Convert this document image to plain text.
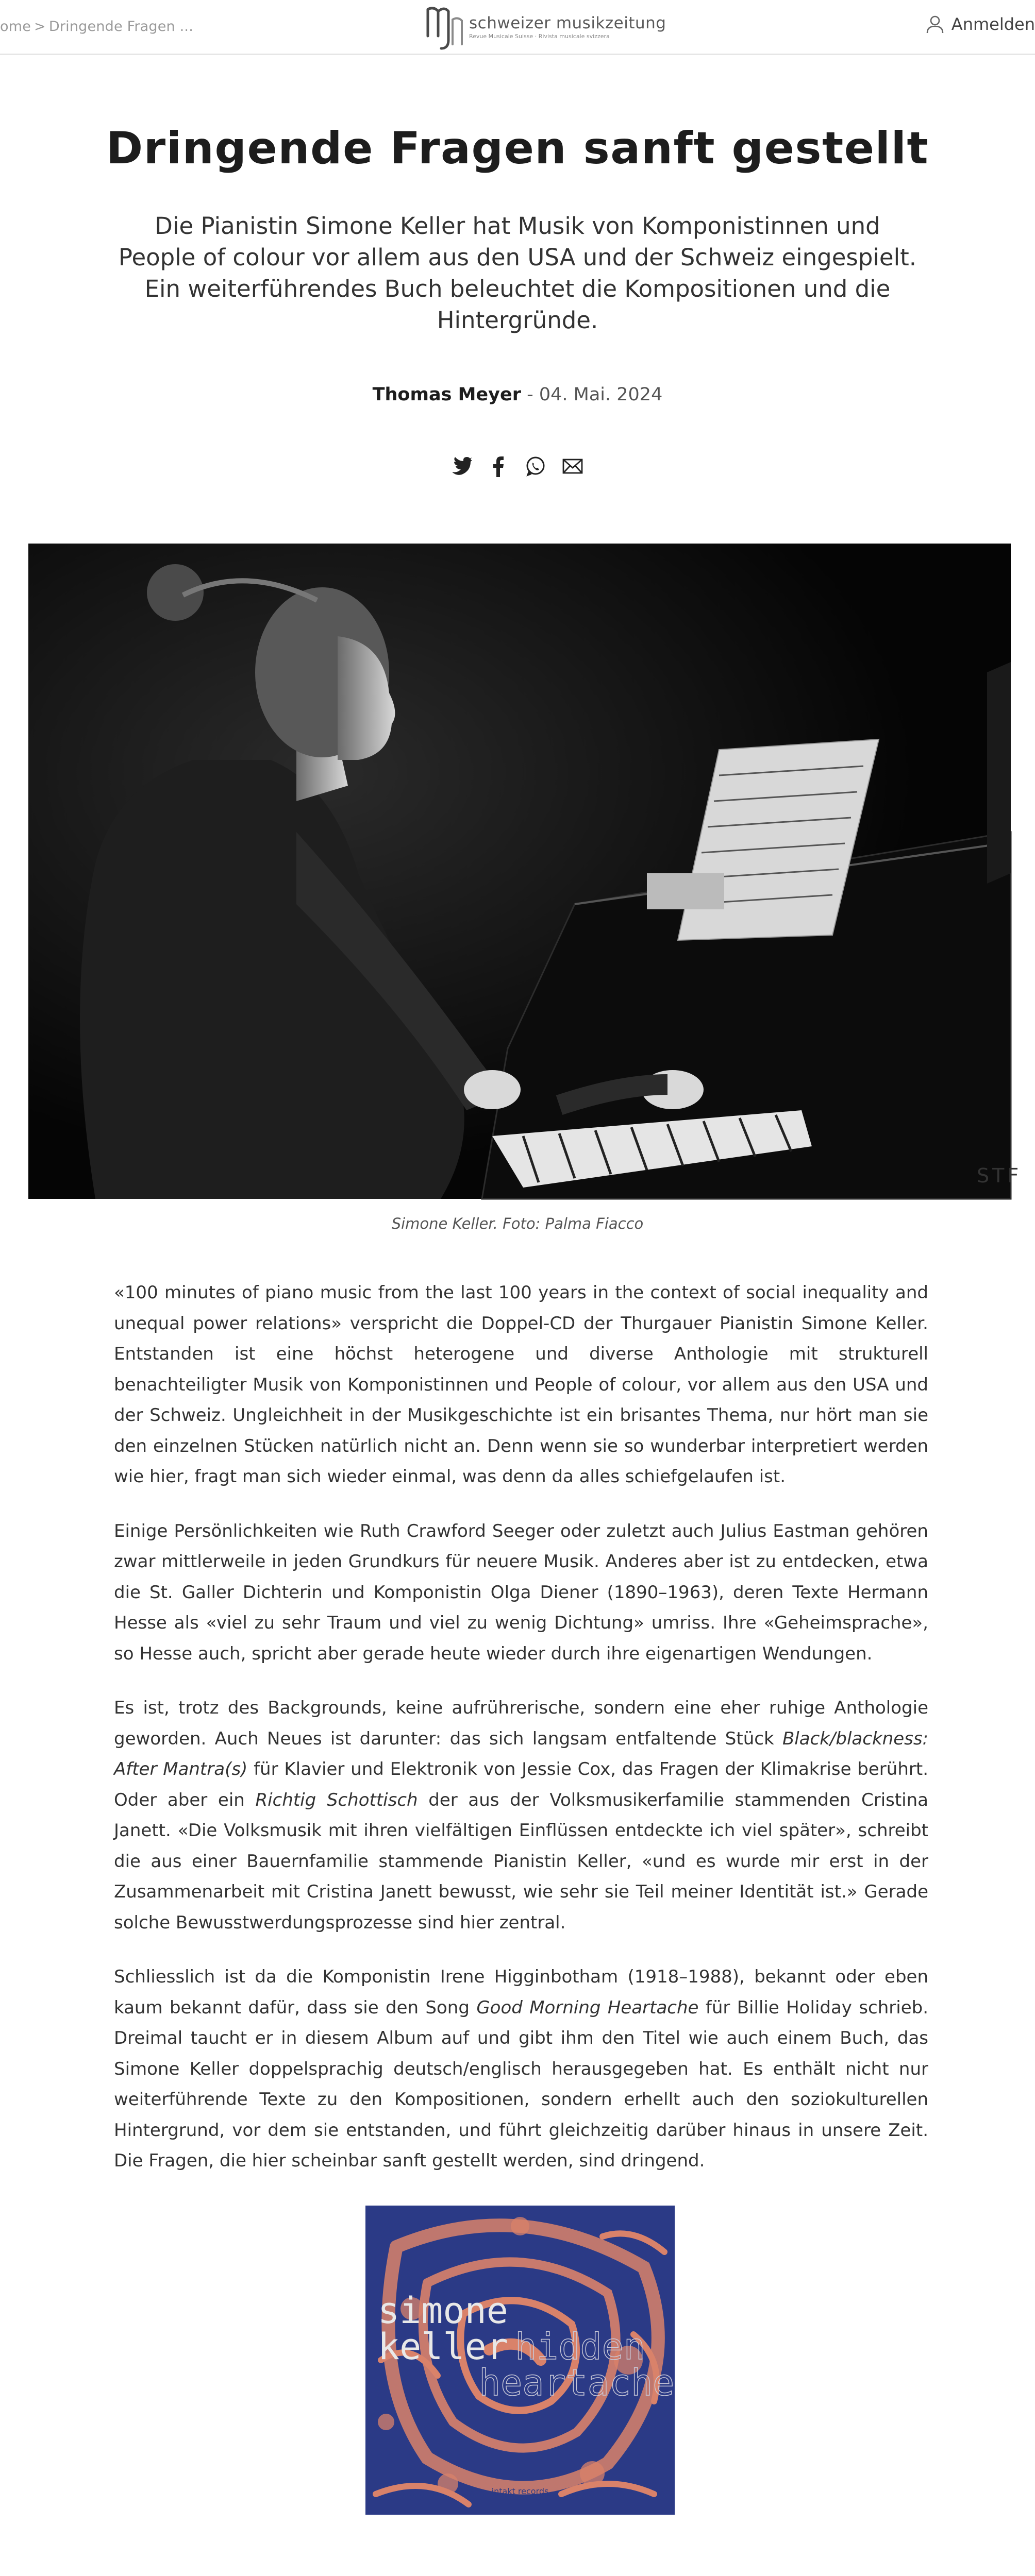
ome > Dringende Fragen ...	schweizer musikzeitung
Revue Musicale Suisse · Rivista musicale svizzera
Anmelden
Dringende Fragen sanft gestellt

Die Pianistin Simone Keller hat Musik von Komponistinnen und People of colour vor allem aus den USA und der Schweiz eingespielt. Ein weiterführendes Buch beleuchtet die Kompositionen und die Hintergründe.

Thomas Meyer - 04. Mai. 2024
STF
Simone Keller. Foto: Palma Fiacco

«100 minutes of piano music from the last 100 years in the context of social inequality and unequal power relations» verspricht die Doppel-CD der Thurgauer Pianistin Simone Keller. Entstanden ist eine höchst heterogene und diverse Anthologie mit strukturell benachteiligter Musik von Komponistinnen und People of colour, vor allem aus den USA und der Schweiz. Ungleichheit in der Musikgeschichte ist ein brisantes Thema, nur hört man sie den einzelnen Stücken natürlich nicht an. Denn wenn sie so wunderbar interpretiert werden wie hier, fragt man sich wieder einmal, was denn da alles schiefgelaufen ist.

Einige Persönlichkeiten wie Ruth Crawford Seeger oder zuletzt auch Julius Eastman gehören zwar mittlerweile in jeden Grundkurs für neuere Musik. Anderes aber ist zu entdecken, etwa die St. Galler Dichterin und Komponistin Olga Diener (1890–1963), deren Texte Hermann Hesse als «viel zu sehr Traum und viel zu wenig Dichtung» umriss. Ihre «Geheimsprache», so Hesse auch, spricht aber gerade heute wieder durch ihre eigenartigen Wendungen.

Es ist, trotz des Backgrounds, keine aufrührerische, sondern eine eher ruhige Anthologie geworden. Auch Neues ist darunter: das sich langsam entfaltende Stück Black/blackness: After Mantra(s) für Klavier und Elektronik von Jessie Cox, das Fragen der Klimakrise berührt. Oder aber ein Richtig Schottisch der aus der Volksmusikerfamilie stammenden Cristina Janett. «Die Volksmusik mit ihren vielfältigen Einflüssen entdeckte ich viel später», schreibt die aus einer Bauernfamilie stammende Pianistin Keller, «und es wurde mir erst in der Zusammenarbeit mit Cristina Janett bewusst, wie sehr sie Teil meiner Identität ist.» Gerade solche Bewusstwerdungsprozesse sind hier zentral.

Schliesslich ist da die Komponistin Irene Higginbotham (1918–1988), bekannt oder eben kaum bekannt dafür, dass sie den Song Good Morning Heartache für Billie Holiday schrieb. Dreimal taucht er in diesem Album auf und gibt ihm den Titel wie auch einem Buch, das Simone Keller doppelsprachig deutsch/englisch herausgegeben hat. Es enthält nicht nur weiterführende Texte zu den Kompositionen, sondern erhellt auch den soziokulturellen Hintergrund, vor dem sie entstanden, und führt gleichzeitig darüber hinaus in unsere Zeit. Die Fragen, die hier scheinbar sanft gestellt werden, sind dringend.

simone
keller hidden
heartache
intakt records
